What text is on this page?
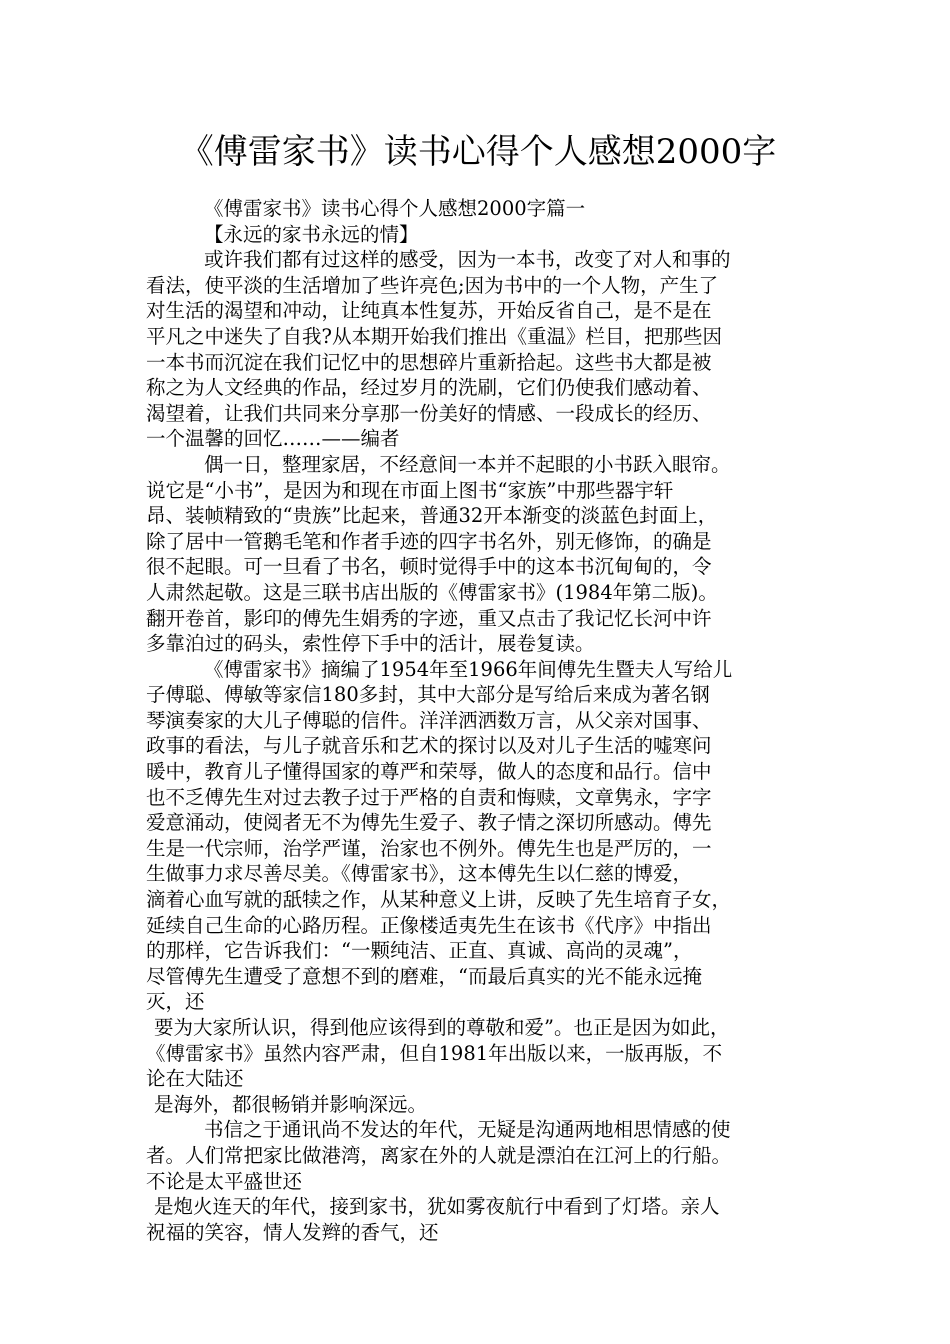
《傅雷家书》读书心得个人感想2000字
《傅雷家书》读书心得个人感想2000字篇一
【永远的家书永远的情】
或许我们都有过这样的感受，因为一本书，改变了对人和事的
看法，使平淡的生活增加了些许亮色;因为书中的一个人物，产生了
对生活的渴望和冲动，让纯真本性复苏，开始反省自己，是不是在
平凡之中迷失了自我?从本期开始我们推出《重温》栏目，把那些因
一本书而沉淀在我们记忆中的思想碎片重新拾起。这些书大都是被
称之为人文经典的作品，经过岁月的洗刷，它们仍使我们感动着、
渴望着，让我们共同来分享那一份美好的情感、一段成长的经历、
一个温馨的回忆……——编者
偶一日，整理家居，不经意间一本并不起眼的小书跃入眼帘。
说它是“小书”，是因为和现在市面上图书“家族”中那些器宇轩
昂、装帧精致的“贵族”比起来，普通32开本渐变的淡蓝色封面上，
除了居中一管鹅毛笔和作者手迹的四字书名外，别无修饰，的确是
很不起眼。可一旦看了书名，顿时觉得手中的这本书沉甸甸的，令
人肃然起敬。这是三联书店出版的《傅雷家书》(1984年第二版)。
翻开卷首，影印的傅先生娟秀的字迹，重又点击了我记忆长河中许
多靠泊过的码头，索性停下手中的活计，展卷复读。
《傅雷家书》摘编了1954年至1966年间傅先生暨夫人写给儿
子傅聪、傅敏等家信180多封，其中大部分是写给后来成为著名钢
琴演奏家的大儿子傅聪的信件。洋洋洒洒数万言，从父亲对国事、
政事的看法，与儿子就音乐和艺术的探讨以及对儿子生活的嘘寒问
暖中，教育儿子懂得国家的尊严和荣辱，做人的态度和品行。信中
也不乏傅先生对过去教子过于严格的自责和悔赎，文章隽永，字字
爱意涌动，使阅者无不为傅先生爱子、教子情之深切所感动。傅先
生是一代宗师，治学严谨，治家也不例外。傅先生也是严厉的，一
生做事力求尽善尽美。《傅雷家书》，这本傅先生以仁慈的博爱，
滴着心血写就的舐犊之作，从某种意义上讲，反映了先生培育子女，
延续自己生命的心路历程。正像楼适夷先生在该书《代序》中指出
的那样，它告诉我们：“一颗纯洁、正直、真诚、高尚的灵魂”，
尽管傅先生遭受了意想不到的磨难，“而最后真实的光不能永远掩
灭，还
要为大家所认识，得到他应该得到的尊敬和爱”。也正是因为如此，
《傅雷家书》虽然内容严肃，但自1981年出版以来，一版再版，不
论在大陆还
是海外，都很畅销并影响深远。
书信之于通讯尚不发达的年代，无疑是沟通两地相思情感的使
者。人们常把家比做港湾，离家在外的人就是漂泊在江河上的行船。
不论是太平盛世还
是炮火连天的年代，接到家书，犹如雾夜航行中看到了灯塔。亲人
祝福的笑容，情人发辫的香气，还
